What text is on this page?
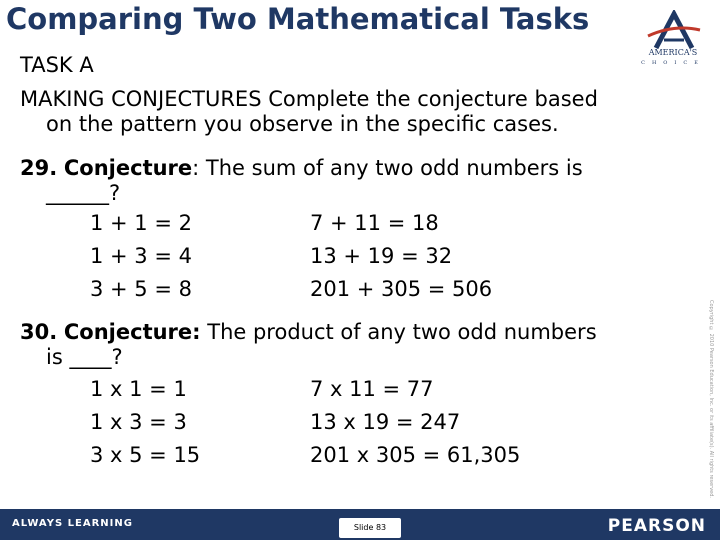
Comparing Two Mathematical Tasks
AMERICA'S
CHOICE
Copyright © 2010 Pearson Education, Inc. or its affiliate(s). All rights reserved.
TASK A
MAKING CONJECTURES Complete the conjecture based
on the pattern you observe in the specific cases.
29. Conjecture: The sum of any two odd numbers is
______?
1 + 1 = 2
1 + 3 = 4
3 + 5 = 8
7 + 11 = 18
13 + 19 = 32
201 + 305 = 506
30. Conjecture: The product of any two odd numbers
is ____?
1 x 1 = 1
1 x 3 = 3
3 x 5 = 15
7 x 11 = 77
13 x 19 = 247
201 x 305 = 61,305
ALWAYS LEARNING	Slide 83	PEARSON
